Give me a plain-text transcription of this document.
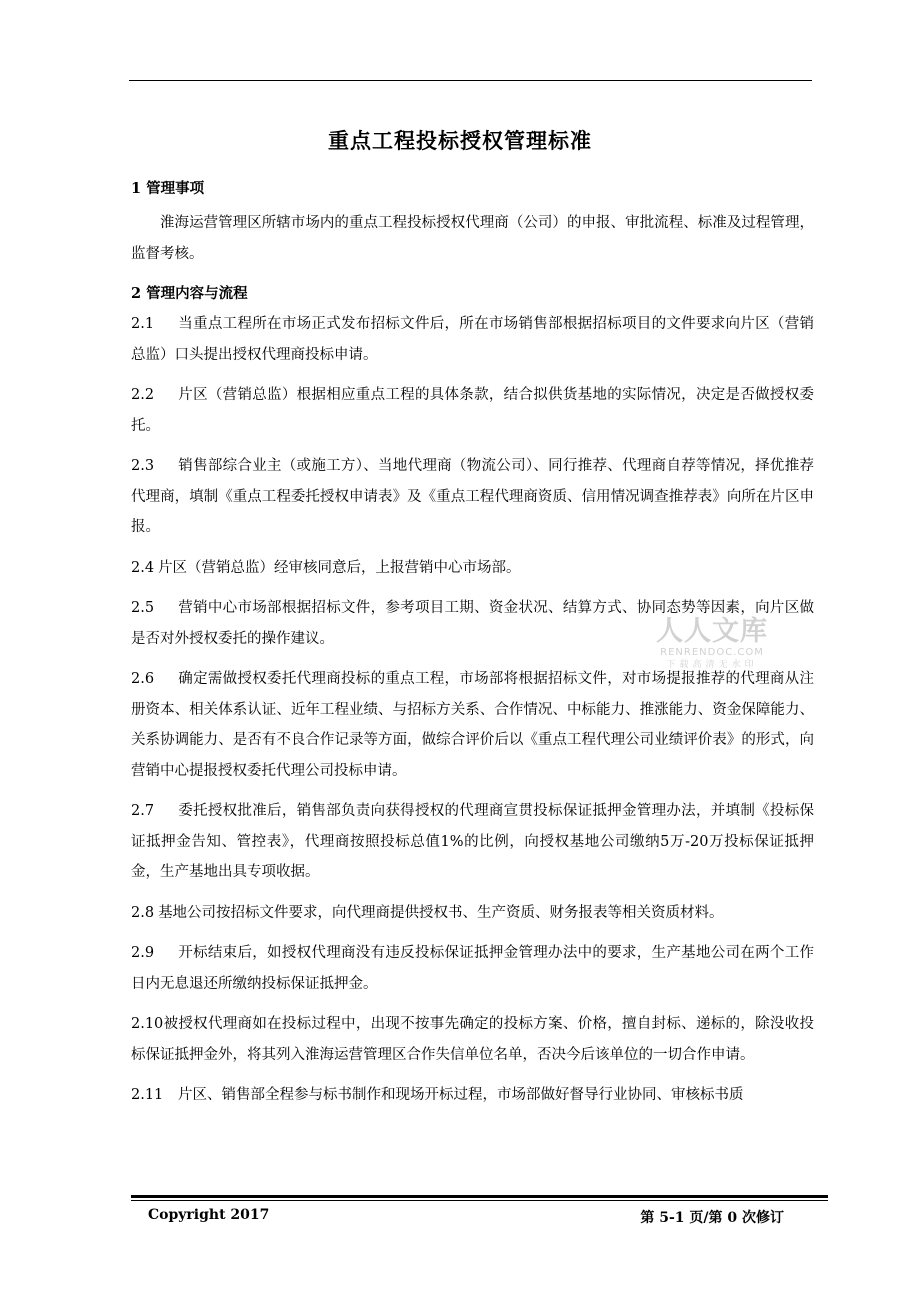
重点工程投标授权管理标准
1 管理事项
淮海运营管理区所辖市场内的重点工程投标授权代理商（公司）的申报、审批流程、标准及过程管理，监督考核。
2 管理内容与流程
2.1 当重点工程所在市场正式发布招标文件后，所在市场销售部根据招标项目的文件要求向片区（营销总监）口头提出授权代理商投标申请。
2.2 片区（营销总监）根据相应重点工程的具体条款，结合拟供货基地的实际情况，决定是否做授权委托。
2.3 销售部综合业主（或施工方）、当地代理商（物流公司）、同行推荐、代理商自荐等情况，择优推荐代理商，填制《重点工程委托授权申请表》及《重点工程代理商资质、信用情况调查推荐表》向所在片区申报。
2.4 片区（营销总监）经审核同意后，上报营销中心市场部。
2.5 营销中心市场部根据招标文件，参考项目工期、资金状况、结算方式、协同态势等因素，向片区做是否对外授权委托的操作建议。
2.6 确定需做授权委托代理商投标的重点工程，市场部将根据招标文件，对市场提报推荐的代理商从注册资本、相关体系认证、近年工程业绩、与招标方关系、合作情况、中标能力、推涨能力、资金保障能力、关系协调能力、是否有不良合作记录等方面，做综合评价后以《重点工程代理公司业绩评价表》的形式，向营销中心提报授权委托代理公司投标申请。
2.7 委托授权批准后，销售部负责向获得授权的代理商宣贯投标保证抵押金管理办法，并填制《投标保证抵押金告知、管控表》，代理商按照投标总值1%的比例，向授权基地公司缴纳5万-20万投标保证抵押金，生产基地出具专项收据。
2.8 基地公司按招标文件要求，向代理商提供授权书、生产资质、财务报表等相关资质材料。
2.9 开标结束后，如授权代理商没有违反投标保证抵押金管理办法中的要求，生产基地公司在两个工作日内无息退还所缴纳投标保证抵押金。
2.10被授权代理商如在投标过程中，出现不按事先确定的投标方案、价格，擅自封标、递标的，除没收投标保证抵押金外，将其列入淮海运营管理区合作失信单位名单，否决今后该单位的一切合作申请。
2.11 片区、销售部全程参与标书制作和现场开标过程，市场部做好督导行业协同、审核标书质
人人文库
RENRENDOC.COM
下载高清无水印
Copyright 2017	第 5-1 页/第 0 次修订
